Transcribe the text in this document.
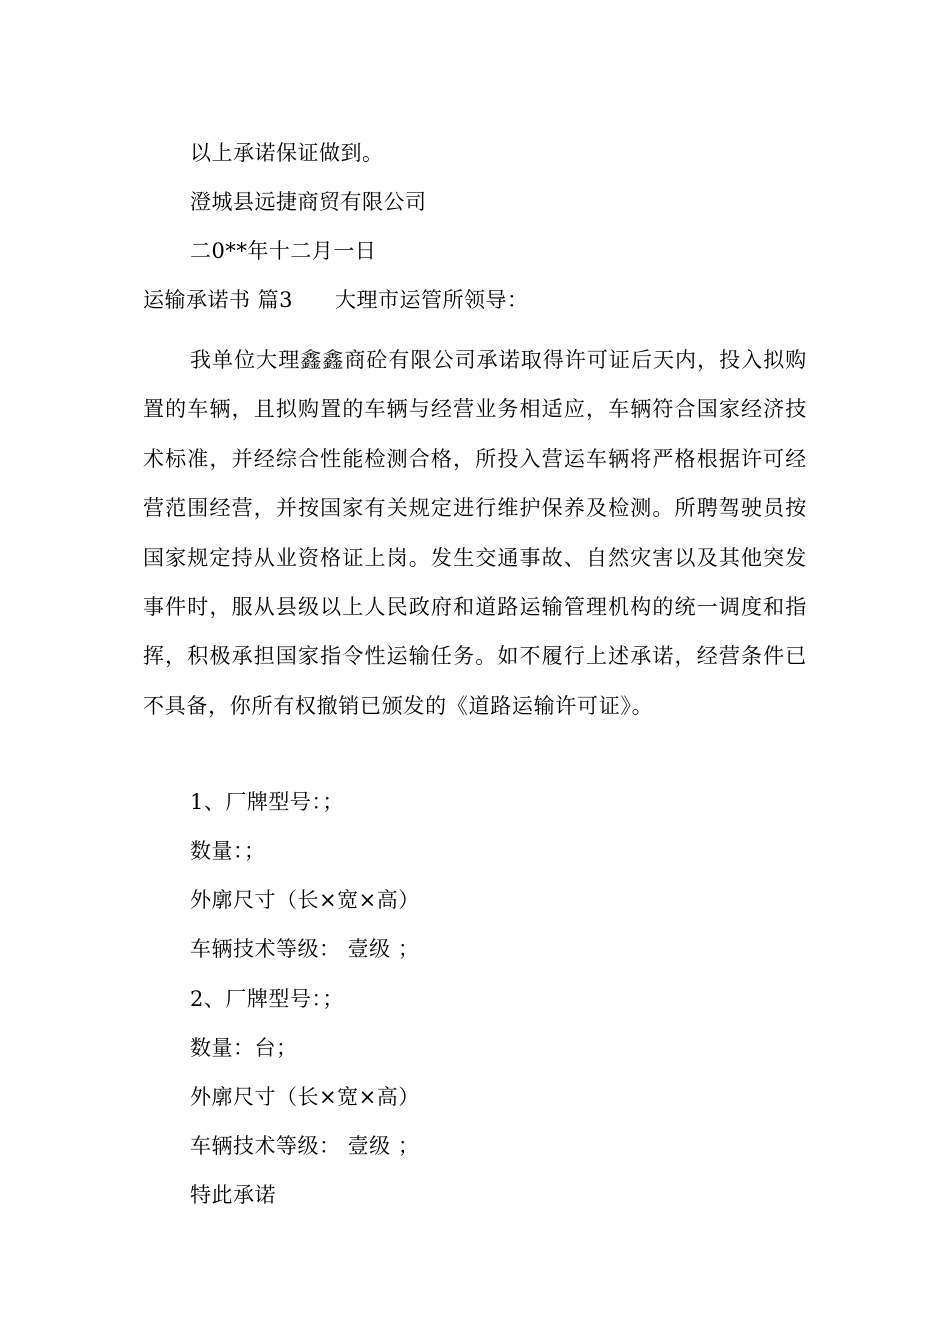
以上承诺保证做到。
澄城县远捷商贸有限公司
二0**年十二月一日
运输承诺书 篇3 大理市运管所领导：
我单位大理鑫鑫商砼有限公司承诺取得许可证后天内，投入拟购置的车辆，且拟购置的车辆与经营业务相适应，车辆符合国家经济技术标准，并经综合性能检测合格，所投入营运车辆将严格根据许可经营范围经营，并按国家有关规定进行维护保养及检测。所聘驾驶员按国家规定持从业资格证上岗。发生交通事故、自然灾害以及其他突发事件时，服从县级以上人民政府和道路运输管理机构的统一调度和指挥，积极承担国家指令性运输任务。如不履行上述承诺，经营条件已不具备，你所有权撤销已颁发的《道路运输许可证》。
1、厂牌型号：；
数量：；
外廓尺寸（长×宽×高）
车辆技术等级： 壹级 ；
2、厂牌型号：；
数量：台；
外廓尺寸（长×宽×高）
车辆技术等级： 壹级 ；
特此承诺
